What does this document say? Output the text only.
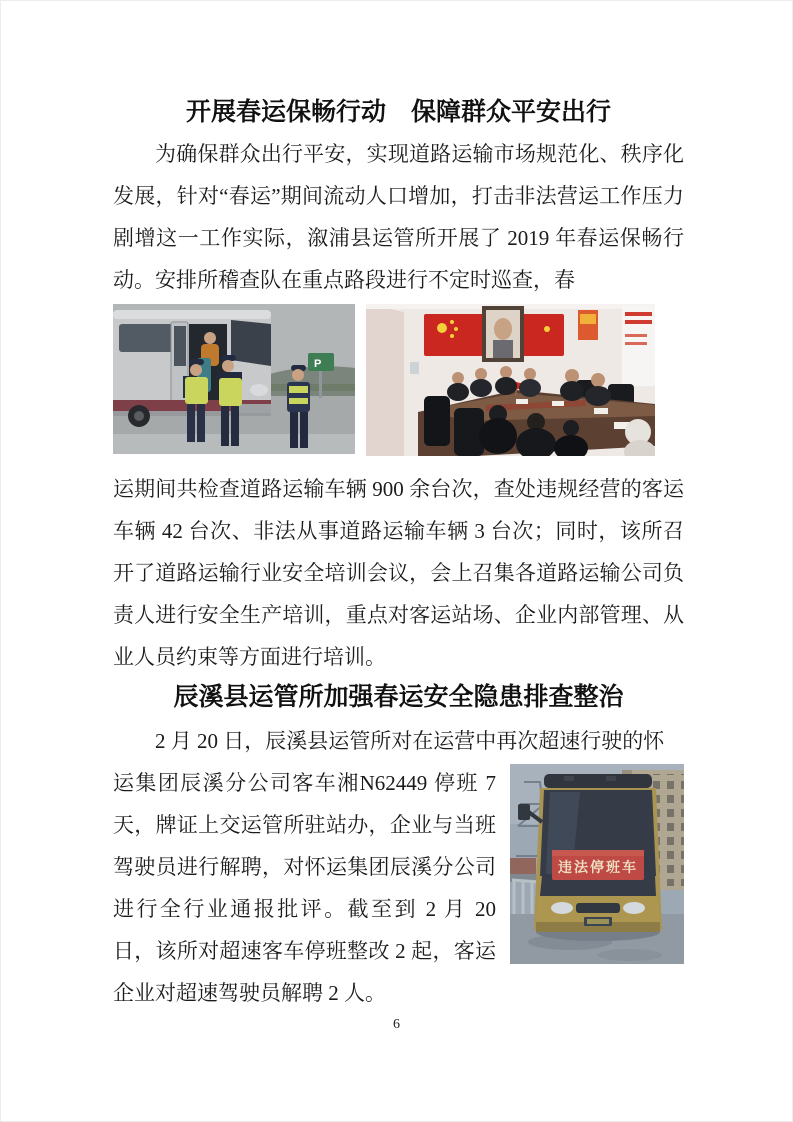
开展春运保畅行动　保障群众平安出行

为确保群众出行平安，实现道路运输市场规范化、秩序化发展，针对“春运”期间流动人口增加，打击非法营运工作压力剧增这一工作实际，溆浦县运管所开展了 2019 年春运保畅行动。安排所稽查队在重点路段进行不定时巡查，春

P

运期间共检查道路运输车辆 900 余台次，查处违规经营的客运车辆 42 台次、非法从事道路运输车辆 3 台次；同时，该所召开了道路运输行业安全培训会议，会上召集各道路运输公司负责人进行安全生产培训，重点对客运站场、企业内部管理、从业人员约束等方面进行培训。

辰溪县运管所加强春运安全隐患排查整治

2 月 20 日，辰溪县运管所对在运营中再次超速行驶的怀

违法停班车

运集团辰溪分公司客车湘N62449 停班 7 天，牌证上交运管所驻站办，企业与当班驾驶员进行解聘，对怀运集团辰溪分公司进行全行业通报批评。截至到 2 月 20 日，该所对超速客车停班整改 2 起，客运企业对超速驾驶员解聘 2 人。

6
